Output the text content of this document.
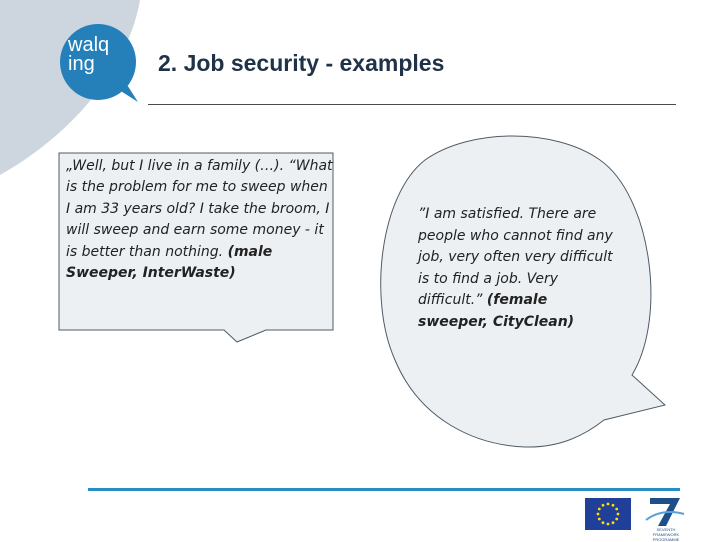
walq
ing	2. Job security - examples
„Well, but I live in a family (…). “What is the problem for me to sweep when I am 33 years old? I take the broom, I will sweep and earn some money - it is better than nothing. (male Sweeper, InterWaste)
”I am satisfied. There are people who cannot find any job, very often very difficult is to find a job. Very difficult.” (female sweeper, CityClean)
SEVENTH FRAMEWORK PROGRAMME
